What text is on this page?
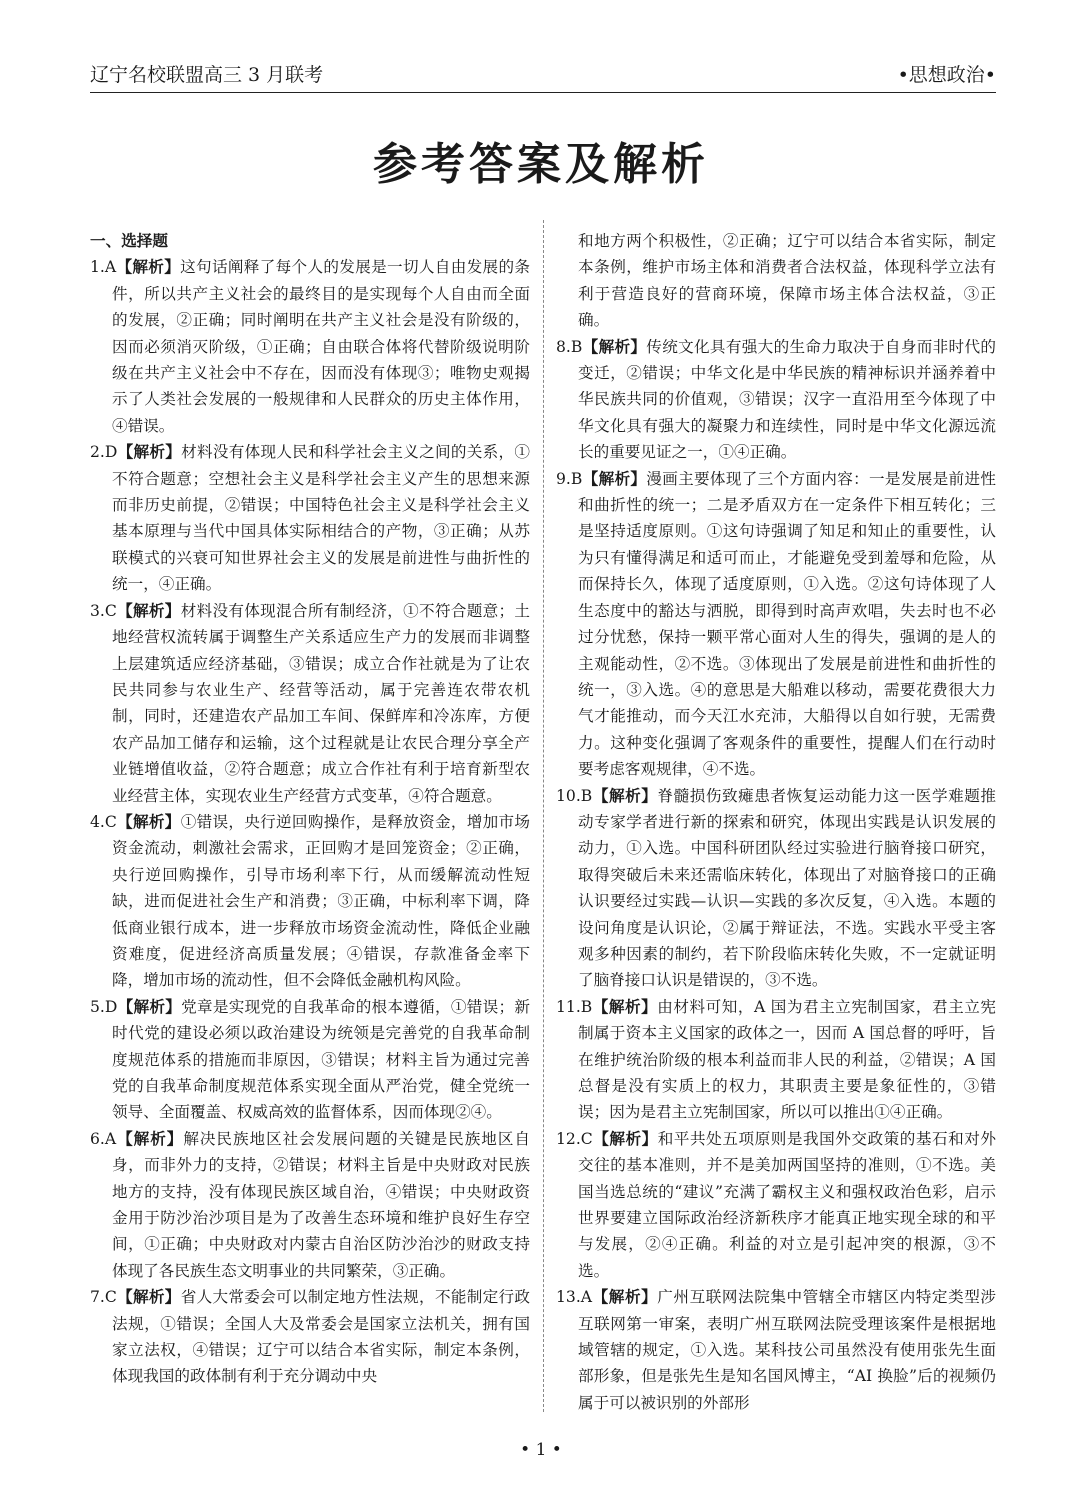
辽宁名校联盟高三 3 月联考	•思想政治•
参考答案及解析

一、选择题

1.A【解析】这句话阐释了每个人的发展是一切人自由发展的条件，所以共产主义社会的最终目的是实现每个人自由而全面的发展，②正确；同时阐明在共产主义社会是没有阶级的，因而必须消灭阶级，①正确；自由联合体将代替阶级说明阶级在共产主义社会中不存在，因而没有体现③；唯物史观揭示了人类社会发展的一般规律和人民群众的历史主体作用，④错误。

2.D【解析】材料没有体现人民和科学社会主义之间的关系，①不符合题意；空想社会主义是科学社会主义产生的思想来源而非历史前提，②错误；中国特色社会主义是科学社会主义基本原理与当代中国具体实际相结合的产物，③正确；从苏联模式的兴衰可知世界社会主义的发展是前进性与曲折性的统一，④正确。

3.C【解析】材料没有体现混合所有制经济，①不符合题意；土地经营权流转属于调整生产关系适应生产力的发展而非调整上层建筑适应经济基础，③错误；成立合作社就是为了让农民共同参与农业生产、经营等活动，属于完善连农带农机制，同时，还建造农产品加工车间、保鲜库和冷冻库，方便农产品加工储存和运输，这个过程就是让农民合理分享全产业链增值收益，②符合题意；成立合作社有利于培育新型农业经营主体，实现农业生产经营方式变革，④符合题意。

4.C【解析】①错误，央行逆回购操作，是释放资金，增加市场资金流动，刺激社会需求，正回购才是回笼资金；②正确，央行逆回购操作，引导市场利率下行，从而缓解流动性短缺，进而促进社会生产和消费；③正确，中标利率下调，降低商业银行成本，进一步释放市场资金流动性，降低企业融资难度，促进经济高质量发展；④错误，存款准备金率下降，增加市场的流动性，但不会降低金融机构风险。

5.D【解析】党章是实现党的自我革命的根本遵循，①错误；新时代党的建设必须以政治建设为统领是完善党的自我革命制度规范体系的措施而非原因，③错误；材料主旨为通过完善党的自我革命制度规范体系实现全面从严治党，健全党统一领导、全面覆盖、权威高效的监督体系，因而体现②④。

6.A【解析】解决民族地区社会发展问题的关键是民族地区自身，而非外力的支持，②错误；材料主旨是中央财政对民族地方的支持，没有体现民族区域自治，④错误；中央财政资金用于防沙治沙项目是为了改善生态环境和维护良好生存空间，①正确；中央财政对内蒙古自治区防沙治沙的财政支持体现了各民族生态文明事业的共同繁荣，③正确。

7.C【解析】省人大常委会可以制定地方性法规，不能制定行政法规，①错误；全国人大及常委会是国家立法机关，拥有国家立法权，④错误；辽宁可以结合本省实际，制定本条例，体现我国的政体制有利于充分调动中央

和地方两个积极性，②正确；辽宁可以结合本省实际，制定本条例，维护市场主体和消费者合法权益，体现科学立法有利于营造良好的营商环境，保障市场主体合法权益，③正确。

8.B【解析】传统文化具有强大的生命力取决于自身而非时代的变迁，②错误；中华文化是中华民族的精神标识并涵养着中华民族共同的价值观，③错误；汉字一直沿用至今体现了中华文化具有强大的凝聚力和连续性，同时是中华文化源远流长的重要见证之一，①④正确。

9.B【解析】漫画主要体现了三个方面内容：一是发展是前进性和曲折性的统一；二是矛盾双方在一定条件下相互转化；三是坚持适度原则。①这句诗强调了知足和知止的重要性，认为只有懂得满足和适可而止，才能避免受到羞辱和危险，从而保持长久，体现了适度原则，①入选。②这句诗体现了人生态度中的豁达与洒脱，即得到时高声欢唱，失去时也不必过分忧愁，保持一颗平常心面对人生的得失，强调的是人的主观能动性，②不选。③体现出了发展是前进性和曲折性的统一，③入选。④的意思是大船难以移动，需要花费很大力气才能推动，而今天江水充沛，大船得以自如行驶，无需费力。这种变化强调了客观条件的重要性，提醒人们在行动时要考虑客观规律，④不选。

10.B【解析】脊髓损伤致瘫患者恢复运动能力这一医学难题推动专家学者进行新的探索和研究，体现出实践是认识发展的动力，①入选。中国科研团队经过实验进行脑脊接口研究，取得突破后未来还需临床转化，体现出了对脑脊接口的正确认识要经过实践—认识—实践的多次反复，④入选。本题的设问角度是认识论，②属于辩证法，不选。实践水平受主客观多种因素的制约，若下阶段临床转化失败，不一定就证明了脑脊接口认识是错误的，③不选。

11.B【解析】由材料可知，A 国为君主立宪制国家，君主立宪制属于资本主义国家的政体之一，因而 A 国总督的呼吁，旨在维护统治阶级的根本利益而非人民的利益，②错误；A 国总督是没有实质上的权力，其职责主要是象征性的，③错误；因为是君主立宪制国家，所以可以推出①④正确。

12.C【解析】和平共处五项原则是我国外交政策的基石和对外交往的基本准则，并不是美加两国坚持的准则，①不选。美国当选总统的“建议”充满了霸权主义和强权政治色彩，启示世界要建立国际政治经济新秩序才能真正地实现全球的和平与发展，②④正确。利益的对立是引起冲突的根源，③不选。

13.A【解析】广州互联网法院集中管辖全市辖区内特定类型涉互联网第一审案，表明广州互联网法院受理该案件是根据地域管辖的规定，①入选。某科技公司虽然没有使用张先生面部形象，但是张先生是知名国风博主，“AI 换脸”后的视频仍属于可以被识别的外部形

• 1 •
